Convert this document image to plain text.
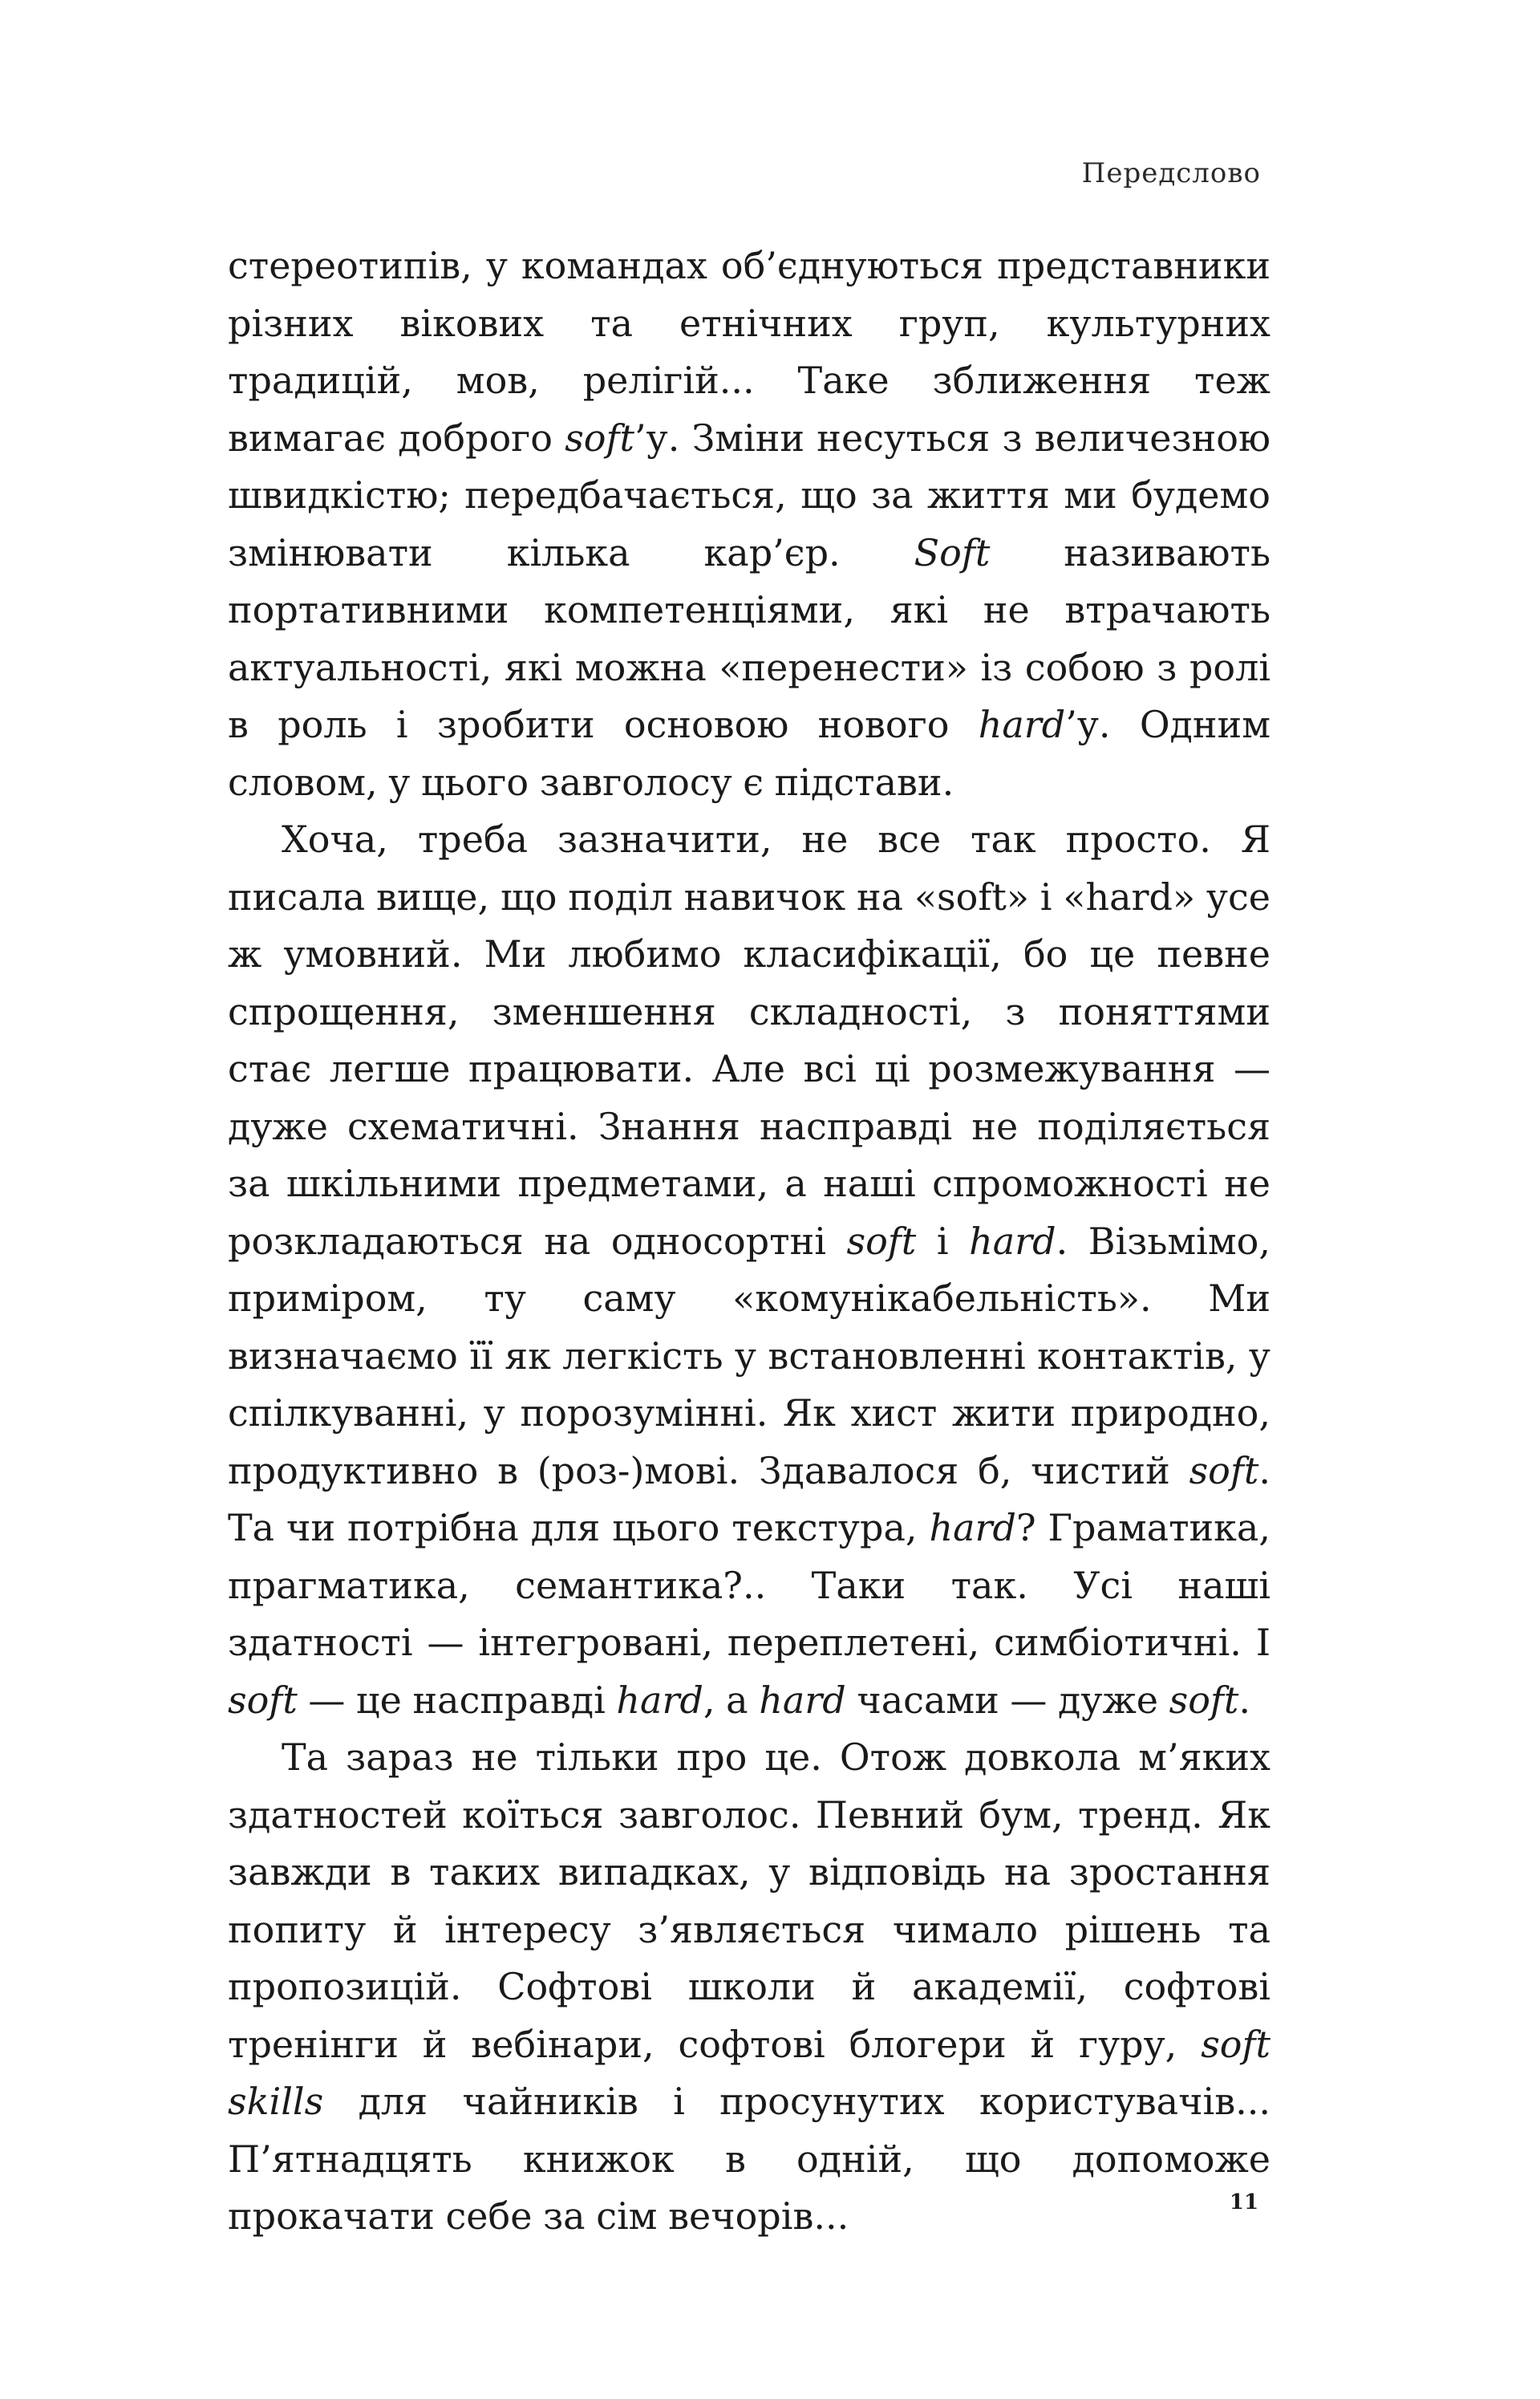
Передслово

стереотипів, у командах об’єднуються представники різних вікових та етнічних груп, культурних традицій, мов, релігій... Таке зближення теж вимагає доброго soft’у. Зміни несуться з величезною швидкістю; передбачається, що за життя ми будемо змінювати кілька кар’єр. Soft називають портативними компетенціями, які не втрачають актуальності, які можна «перенести» із собою з ролі в роль і зробити основою нового hard’у. Одним словом, у цього завголосу є підстави.

Хоча, треба зазначити, не все так просто. Я писала вище, що поділ навичок на «soft» і «hard» усе ж умовний. Ми любимо класифікації, бо це певне спрощення, зменшення складності, з поняттями стає легше працювати. Але всі ці розмежування — дуже схематичні. Знання насправді не поділяється за шкільними предметами, а наші спроможності не розкладаються на односортні soft і hard. Візьмімо, приміром, ту саму «комунікабельність». Ми визначаємо її як легкість у встановленні контактів, у спілкуванні, у порозумінні. Як хист жити природно, продуктивно в (роз-)мові. Здавалося б, чистий soft. Та чи потрібна для цього текстура, hard? Граматика, прагматика, семантика?.. Таки так. Усі наші здатності — інтегровані, переплетені, симбіотичні. І soft — це насправді hard, а hard часами — дуже soft.

Та зараз не тільки про це. Отож довкола м’яких здатностей коїться завголос. Певний бум, тренд. Як завжди в таких випадках, у відповідь на зростання попиту й інтересу з’являється чимало рішень та пропозицій. Софтові школи й академії, софтові тренінги й вебінари, софтові блогери й гуру, soft skills для чайників і просунутих користувачів... П’ятнадцять книжок в одній, що допоможе прокачати себе за сім вечорів...	11
